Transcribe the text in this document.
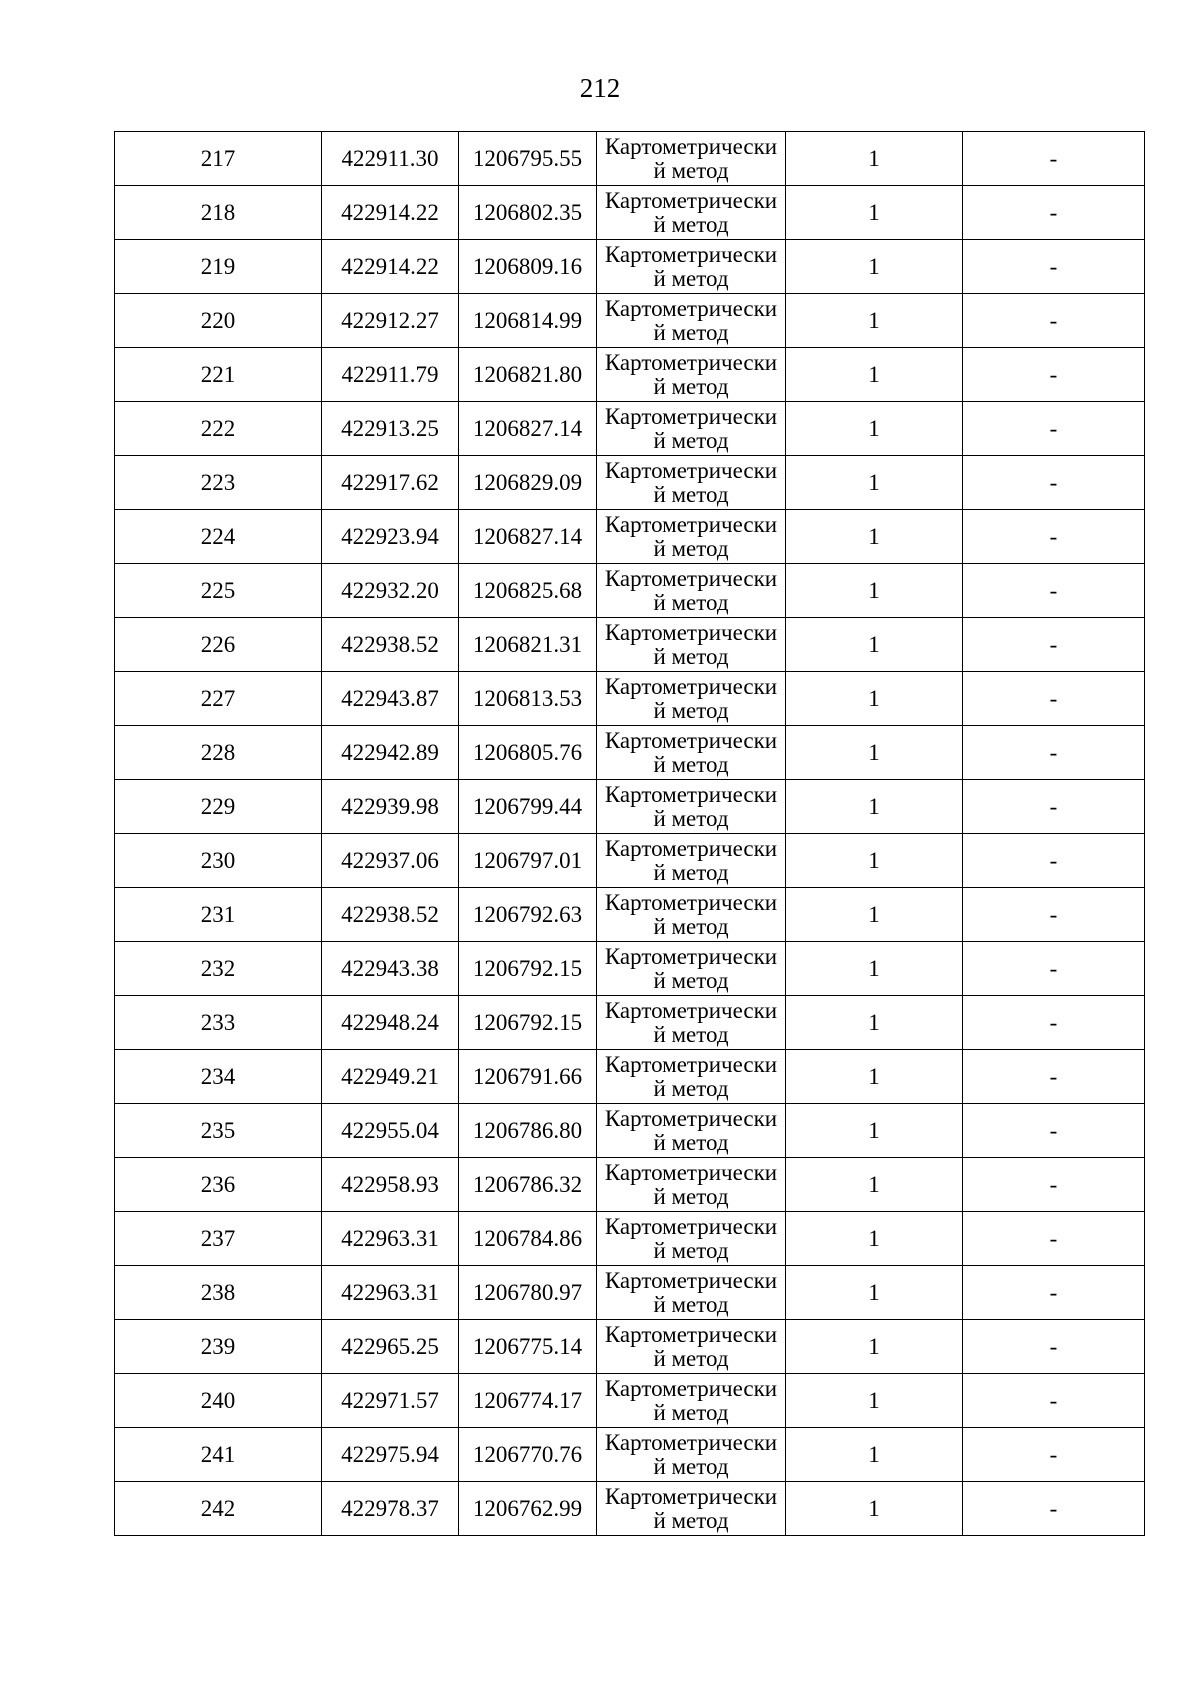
212
217	422911.30	1206795.55	Картометрически й метод	1	-
218	422914.22	1206802.35	Картометрически й метод	1	-
219	422914.22	1206809.16	Картометрически й метод	1	-
220	422912.27	1206814.99	Картометрически й метод	1	-
221	422911.79	1206821.80	Картометрически й метод	1	-
222	422913.25	1206827.14	Картометрически й метод	1	-
223	422917.62	1206829.09	Картометрически й метод	1	-
224	422923.94	1206827.14	Картометрически й метод	1	-
225	422932.20	1206825.68	Картометрически й метод	1	-
226	422938.52	1206821.31	Картометрически й метод	1	-
227	422943.87	1206813.53	Картометрически й метод	1	-
228	422942.89	1206805.76	Картометрически й метод	1	-
229	422939.98	1206799.44	Картометрически й метод	1	-
230	422937.06	1206797.01	Картометрически й метод	1	-
231	422938.52	1206792.63	Картометрически й метод	1	-
232	422943.38	1206792.15	Картометрически й метод	1	-
233	422948.24	1206792.15	Картометрически й метод	1	-
234	422949.21	1206791.66	Картометрически й метод	1	-
235	422955.04	1206786.80	Картометрически й метод	1	-
236	422958.93	1206786.32	Картометрически й метод	1	-
237	422963.31	1206784.86	Картометрически й метод	1	-
238	422963.31	1206780.97	Картометрически й метод	1	-
239	422965.25	1206775.14	Картометрически й метод	1	-
240	422971.57	1206774.17	Картометрически й метод	1	-
241	422975.94	1206770.76	Картометрически й метод	1	-
242	422978.37	1206762.99	Картометрически й метод	1	-
